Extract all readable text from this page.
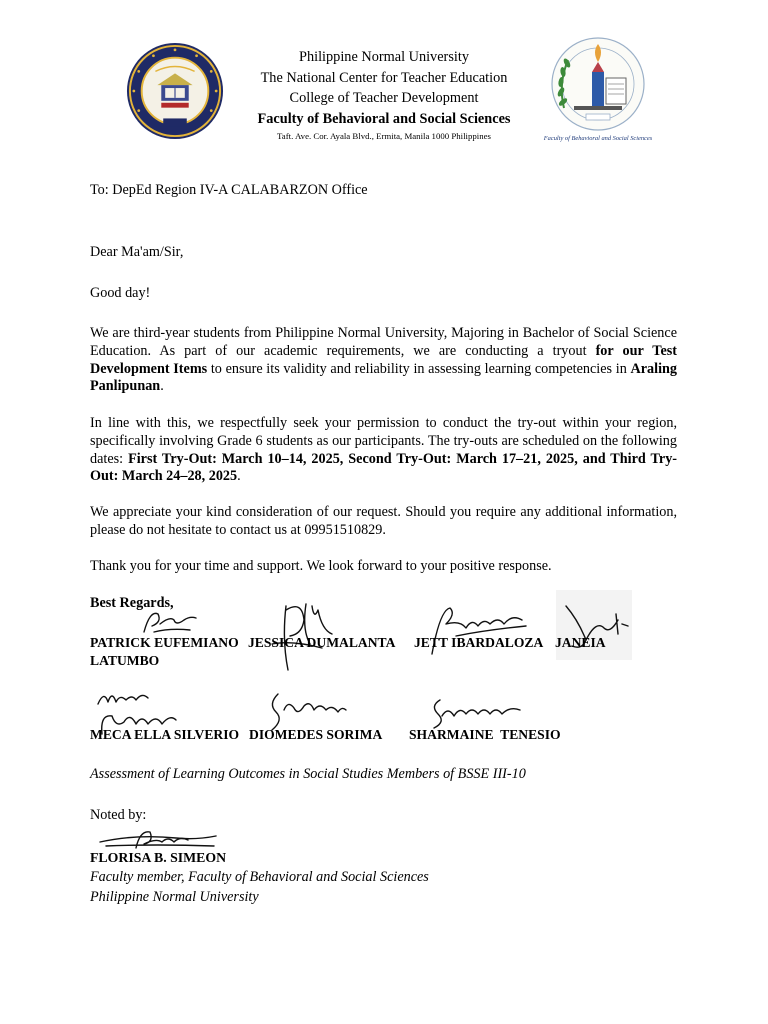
Philippine Normal University
The National Center for Teacher Education
College of Teacher Development
Faculty of Behavioral and Social Sciences
Taft. Ave. Cor. Ayala Blvd., Ermita, Manila 1000 Philippines	Faculty of Behavioral and Social Sciences
To: DepEd Region IV-A CALABARZON Office
Dear Ma'am/Sir,
Good day!
We are third-year students from Philippine Normal University, Majoring in Bachelor of Social Science Education. As part of our academic requirements, we are conducting a tryout for our Test Development Items to ensure its validity and reliability in assessing learning competencies in Araling Panlipunan.
In line with this, we respectfully seek your permission to conduct the try-out within your region, specifically involving Grade 6 students as our participants. The try-outs are scheduled on the following dates: First Try-Out: March 10–14, 2025, Second Try-Out: March 17–21, 2025, and Third Try-Out: March 24–28, 2025.
We appreciate your kind consideration of our request. Should you require any additional information, please do not hesitate to contact us at 09951510829.
Thank you for your time and support. We look forward to your positive response.
Best Regards,
PATRICK EUFEMIANO JESSICA DUMALANTA JETT IBARDALOZA JANEIA
LATUMBO
MECA ELLA SILVERIO DIOMEDES SORIMA SHARMAINE  TENESIO
Assessment of Learning Outcomes in Social Studies Members of BSSE III-10
Noted by:
FLORISA B. SIMEON
Faculty member, Faculty of Behavioral and Social Sciences
Philippine Normal University
